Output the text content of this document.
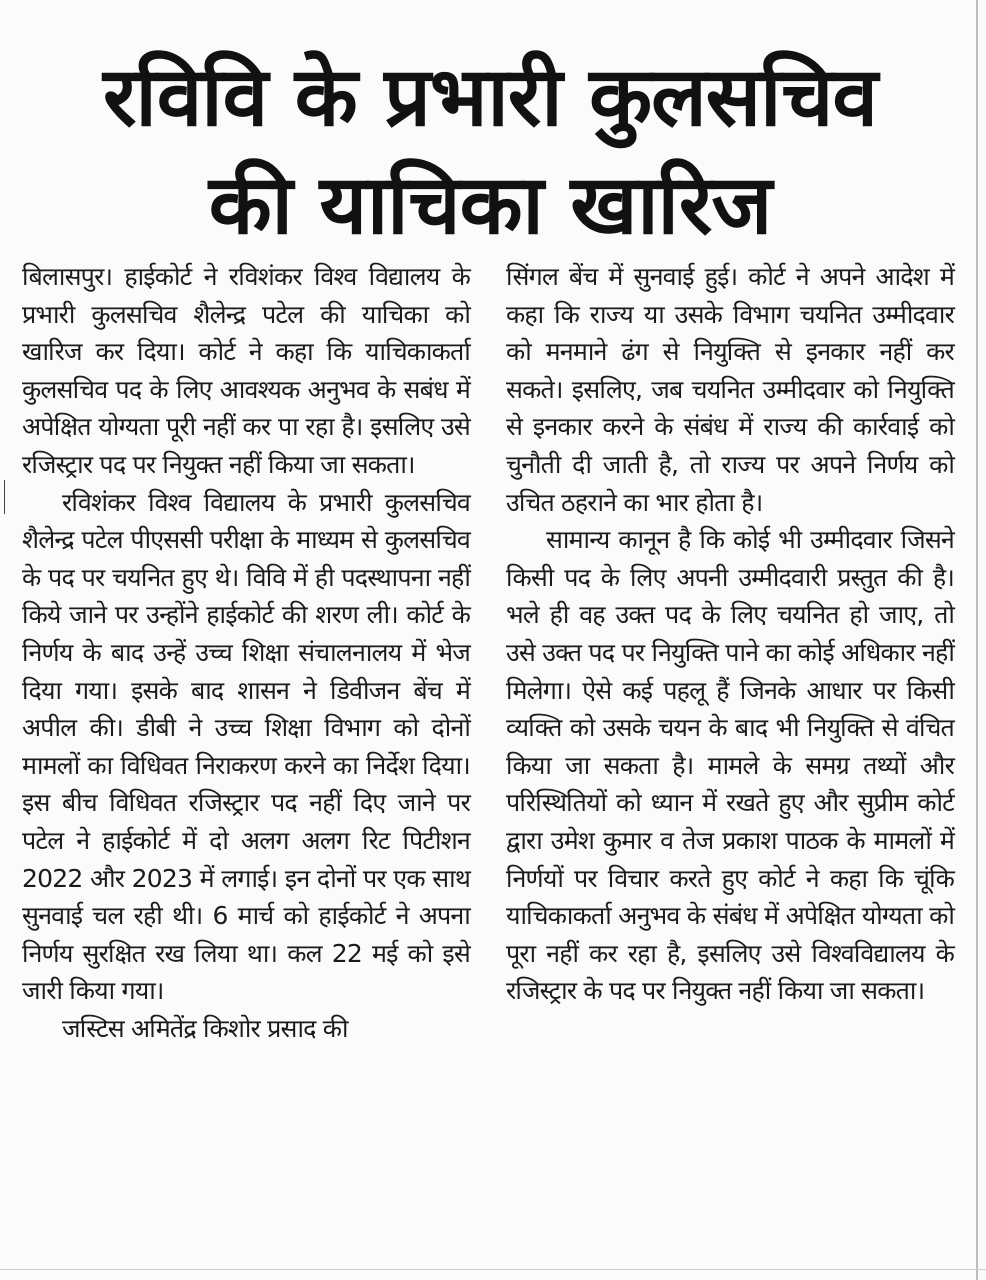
रविवि के प्रभारी कुलसचिव
की याचिका खारिज

बिलासपुर। हाईकोर्ट ने रविशंकर विश्व विद्यालय के प्रभारी कुलसचिव शैलेन्द्र पटेल की याचिका को खारिज कर दिया। कोर्ट ने कहा कि याचिकाकर्ता कुलसचिव पद के लिए आवश्यक अनुभव के सबंध में अपेक्षित योग्यता पूरी नहीं कर पा रहा है। इसलिए उसे रजिस्ट्रार पद पर नियुक्त नहीं किया जा सकता।

रविशंकर विश्व विद्यालय के प्रभारी कुलसचिव शैलेन्द्र पटेल पीएससी परीक्षा के माध्यम से कुलसचिव के पद पर चयनित हुए थे। विवि में ही पदस्थापना नहीं किये जाने पर उन्होंने हाईकोर्ट की शरण ली। कोर्ट के निर्णय के बाद उन्हें उच्च शिक्षा संचालनालय में भेज दिया गया। इसके बाद शासन ने डिवीजन बेंच में अपील की। डीबी ने उच्च शिक्षा विभाग को दोनों मामलों का विधिवत निराकरण करने का निर्देश दिया। इस बीच विधिवत रजिस्ट्रार पद नहीं दिए जाने पर पटेल ने हाईकोर्ट में दो अलग अलग रिट पिटीशन 2022 और 2023 में लगाई। इन दोनों पर एक साथ सुनवाई चल रही थी। 6 मार्च को हाईकोर्ट ने अपना निर्णय सुरक्षित रख लिया था। कल 22 मई को इसे जारी किया गया।

जस्टिस अमितेंद्र किशोर प्रसाद की

सिंगल बेंच में सुनवाई हुई। कोर्ट ने अपने आदेश में कहा कि राज्य या उसके विभाग चयनित उम्मीदवार को मनमाने ढंग से नियुक्ति से इनकार नहीं कर सकते। इसलिए, जब चयनित उम्मीदवार को नियुक्ति से इनकार करने के संबंध में राज्य की कार्रवाई को चुनौती दी जाती है, तो राज्य पर अपने निर्णय को उचित ठहराने का भार होता है।

सामान्य कानून है कि कोई भी उम्मीदवार जिसने किसी पद के लिए अपनी उम्मीदवारी प्रस्तुत की है। भले ही वह उक्त पद के लिए चयनित हो जाए, तो उसे उक्त पद पर नियुक्ति पाने का कोई अधिकार नहीं मिलेगा। ऐसे कई पहलू हैं जिनके आधार पर किसी व्यक्ति को उसके चयन के बाद भी नियुक्ति से वंचित किया जा सकता है। मामले के समग्र तथ्यों और परिस्थितियों को ध्यान में रखते हुए और सुप्रीम कोर्ट द्वारा उमेश कुमार व तेज प्रकाश पाठक के मामलों में निर्णयों पर विचार करते हुए कोर्ट ने कहा कि चूंकि याचिकाकर्ता अनुभव के संबंध में अपेक्षित योग्यता को पूरा नहीं कर रहा है, इसलिए उसे विश्वविद्यालय के रजिस्ट्रार के पद पर नियुक्त नहीं किया जा सकता।
